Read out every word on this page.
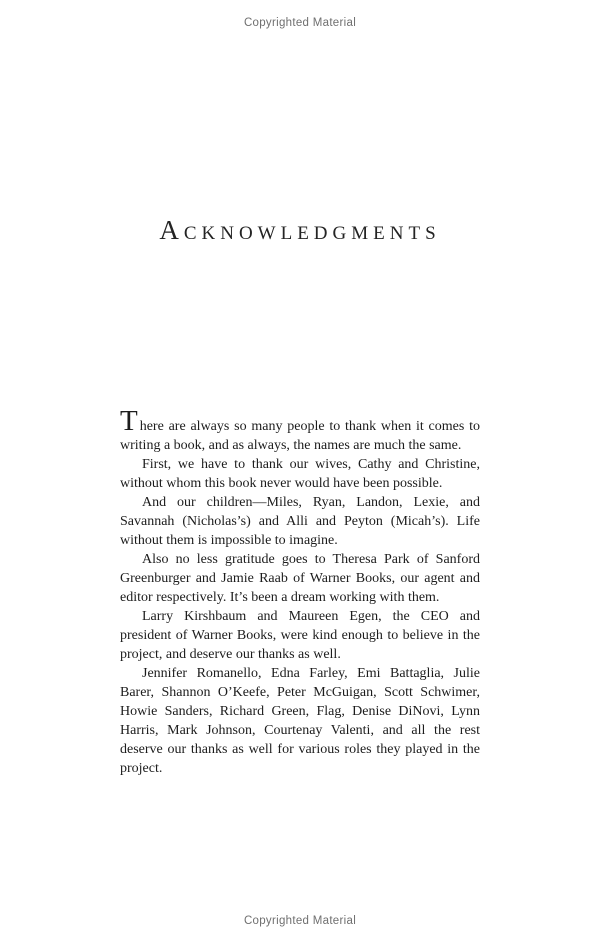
Copyrighted Material
ACKNOWLEDGMENTS

There are always so many people to thank when it comes to writing a book, and as always, the names are much the same.

First, we have to thank our wives, Cathy and Christine, without whom this book never would have been possible.

And our children—Miles, Ryan, Landon, Lexie, and Savannah (Nicholas’s) and Alli and Peyton (Micah’s). Life without them is impossible to imagine.

Also no less gratitude goes to Theresa Park of Sanford Greenburger and Jamie Raab of Warner Books, our agent and editor respectively. It’s been a dream working with them.

Larry Kirshbaum and Maureen Egen, the CEO and president of Warner Books, were kind enough to believe in the project, and deserve our thanks as well.

Jennifer Romanello, Edna Farley, Emi Battaglia, Julie Barer, Shannon O’Keefe, Peter McGuigan, Scott Schwimer, Howie Sanders, Richard Green, Flag, Denise DiNovi, Lynn Harris, Mark Johnson, Courtenay Valenti, and all the rest deserve our thanks as well for various roles they played in the project.

Copyrighted Material
